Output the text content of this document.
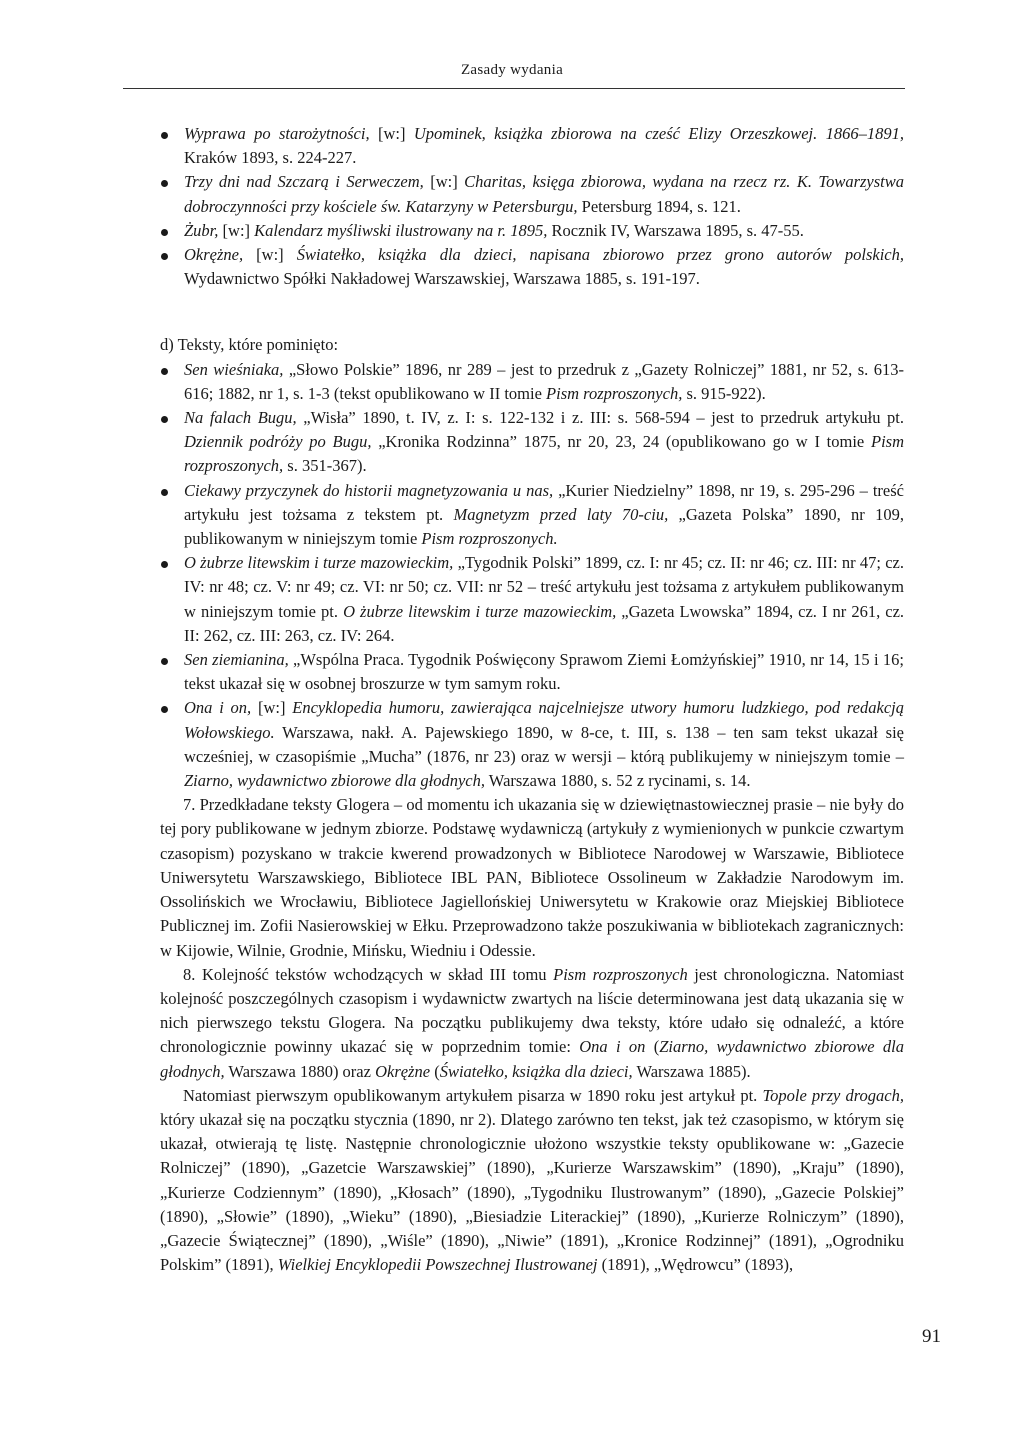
Zasady wydania
Wyprawa po starożytności, [w:] Upominek, książka zbiorowa na cześć Elizy Orzeszkowej. 1866–1891, Kraków 1893, s. 224-227.
Trzy dni nad Szczarą i Serweczem, [w:] Charitas, księga zbiorowa, wydana na rzecz rz. K. Towarzystwa dobroczynności przy kościele św. Katarzyny w Petersburgu, Petersburg 1894, s. 121.
Żubr, [w:] Kalendarz myśliwski ilustrowany na r. 1895, Rocznik IV, Warszawa 1895, s. 47-55.
Okrężne, [w:] Światełko, książka dla dzieci, napisana zbiorowo przez grono autorów polskich, Wydawnictwo Spółki Nakładowej Warszawskiej, Warszawa 1885, s. 191-197.
d) Teksty, które pominięto:
Sen wieśniaka, „Słowo Polskie” 1896, nr 289 – jest to przedruk z „Gazety Rolniczej” 1881, nr 52, s. 613-616; 1882, nr 1, s. 1-3 (tekst opublikowano w II tomie Pism rozproszonych, s. 915-922).
Na falach Bugu, „Wisła” 1890, t. IV, z. I: s. 122-132 i z. III: s. 568-594 – jest to przedruk artykułu pt. Dziennik podróży po Bugu, „Kronika Rodzinna” 1875, nr 20, 23, 24 (opublikowano go w I tomie Pism rozproszonych, s. 351-367).
Ciekawy przyczynek do historii magnetyzowania u nas, „Kurier Niedzielny” 1898, nr 19, s. 295-296 – treść artykułu jest tożsama z tekstem pt. Magnetyzm przed laty 70-ciu, „Gazeta Polska” 1890, nr 109, publikowanym w niniejszym tomie Pism rozproszonych.
O żubrze litewskim i turze mazowieckim, „Tygodnik Polski” 1899, cz. I: nr 45; cz. II: nr 46; cz. III: nr 47; cz. IV: nr 48; cz. V: nr 49; cz. VI: nr 50; cz. VII: nr 52 – treść artykułu jest tożsama z artykułem publikowanym w niniejszym tomie pt. O żubrze litewskim i turze mazowieckim, „Gazeta Lwowska” 1894, cz. I nr 261, cz. II: 262, cz. III: 263, cz. IV: 264.
Sen ziemianina, „Wspólna Praca. Tygodnik Poświęcony Sprawom Ziemi Łomżyńskiej” 1910, nr 14, 15 i 16; tekst ukazał się w osobnej broszurze w tym samym roku.
Ona i on, [w:] Encyklopedia humoru, zawierająca najcelniejsze utwory humoru ludzkiego, pod redakcją Wołowskiego. Warszawa, nakł. A. Pajewskiego 1890, w 8-ce, t. III, s. 138 – ten sam tekst ukazał się wcześniej, w czasopiśmie „Mucha” (1876, nr 23) oraz w wersji – którą publikujemy w niniejszym tomie – Ziarno, wydawnictwo zbiorowe dla głodnych, Warszawa 1880, s. 52 z rycinami, s. 14.

7. Przedkładane teksty Glogera – od momentu ich ukazania się w dziewiętnastowiecznej prasie – nie były do tej pory publikowane w jednym zbiorze. Podstawę wydawniczą (artykuły z wymienionych w punkcie czwartym czasopism) pozyskano w trakcie kwerend prowadzonych w Bibliotece Narodowej w Warszawie, Bibliotece Uniwersytetu Warszawskiego, Bibliotece IBL PAN, Bibliotece Ossolineum w Zakładzie Narodowym im. Ossolińskich we Wrocławiu, Bibliotece Jagiellońskiej Uniwersytetu w Krakowie oraz Miejskiej Bibliotece Publicznej im. Zofii Nasierowskiej w Ełku. Przeprowadzono także poszukiwania w bibliotekach zagranicznych: w Kijowie, Wilnie, Grodnie, Mińsku, Wiedniu i Odessie.

8. Kolejność tekstów wchodzących w skład III tomu Pism rozproszonych jest chronologiczna. Natomiast kolejność poszczególnych czasopism i wydawnictw zwartych na liście determinowana jest datą ukazania się w nich pierwszego tekstu Glogera. Na początku publikujemy dwa teksty, które udało się odnaleźć, a które chronologicznie powinny ukazać się w poprzednim tomie: Ona i on (Ziarno, wydawnictwo zbiorowe dla głodnych, Warszawa 1880) oraz Okrężne (Światełko, książka dla dzieci, Warszawa 1885).

Natomiast pierwszym opublikowanym artykułem pisarza w 1890 roku jest artykuł pt. Topole przy drogach, który ukazał się na początku stycznia (1890, nr 2). Dlatego zarówno ten tekst, jak też czasopismo, w którym się ukazał, otwierają tę listę. Następnie chronologicznie ułożono wszystkie teksty opublikowane w: „Gazecie Rolniczej” (1890), „Gazetcie Warszawskiej” (1890), „Kurierze Warszawskim” (1890), „Kraju” (1890), „Kurierze Codziennym” (1890), „Kłosach” (1890), „Tygodniku Ilustrowanym” (1890), „Gazecie Polskiej” (1890), „Słowie” (1890), „Wieku” (1890), „Biesiadzie Literackiej” (1890), „Kurierze Rolniczym” (1890), „Gazecie Świątecznej” (1890), „Wiśle” (1890), „Niwie” (1891), „Kronice Rodzinnej” (1891), „Ogrodniku Polskim” (1891), Wielkiej Encyklopedii Powszechnej Ilustrowanej (1891), „Wędrowcu” (1893),

91
